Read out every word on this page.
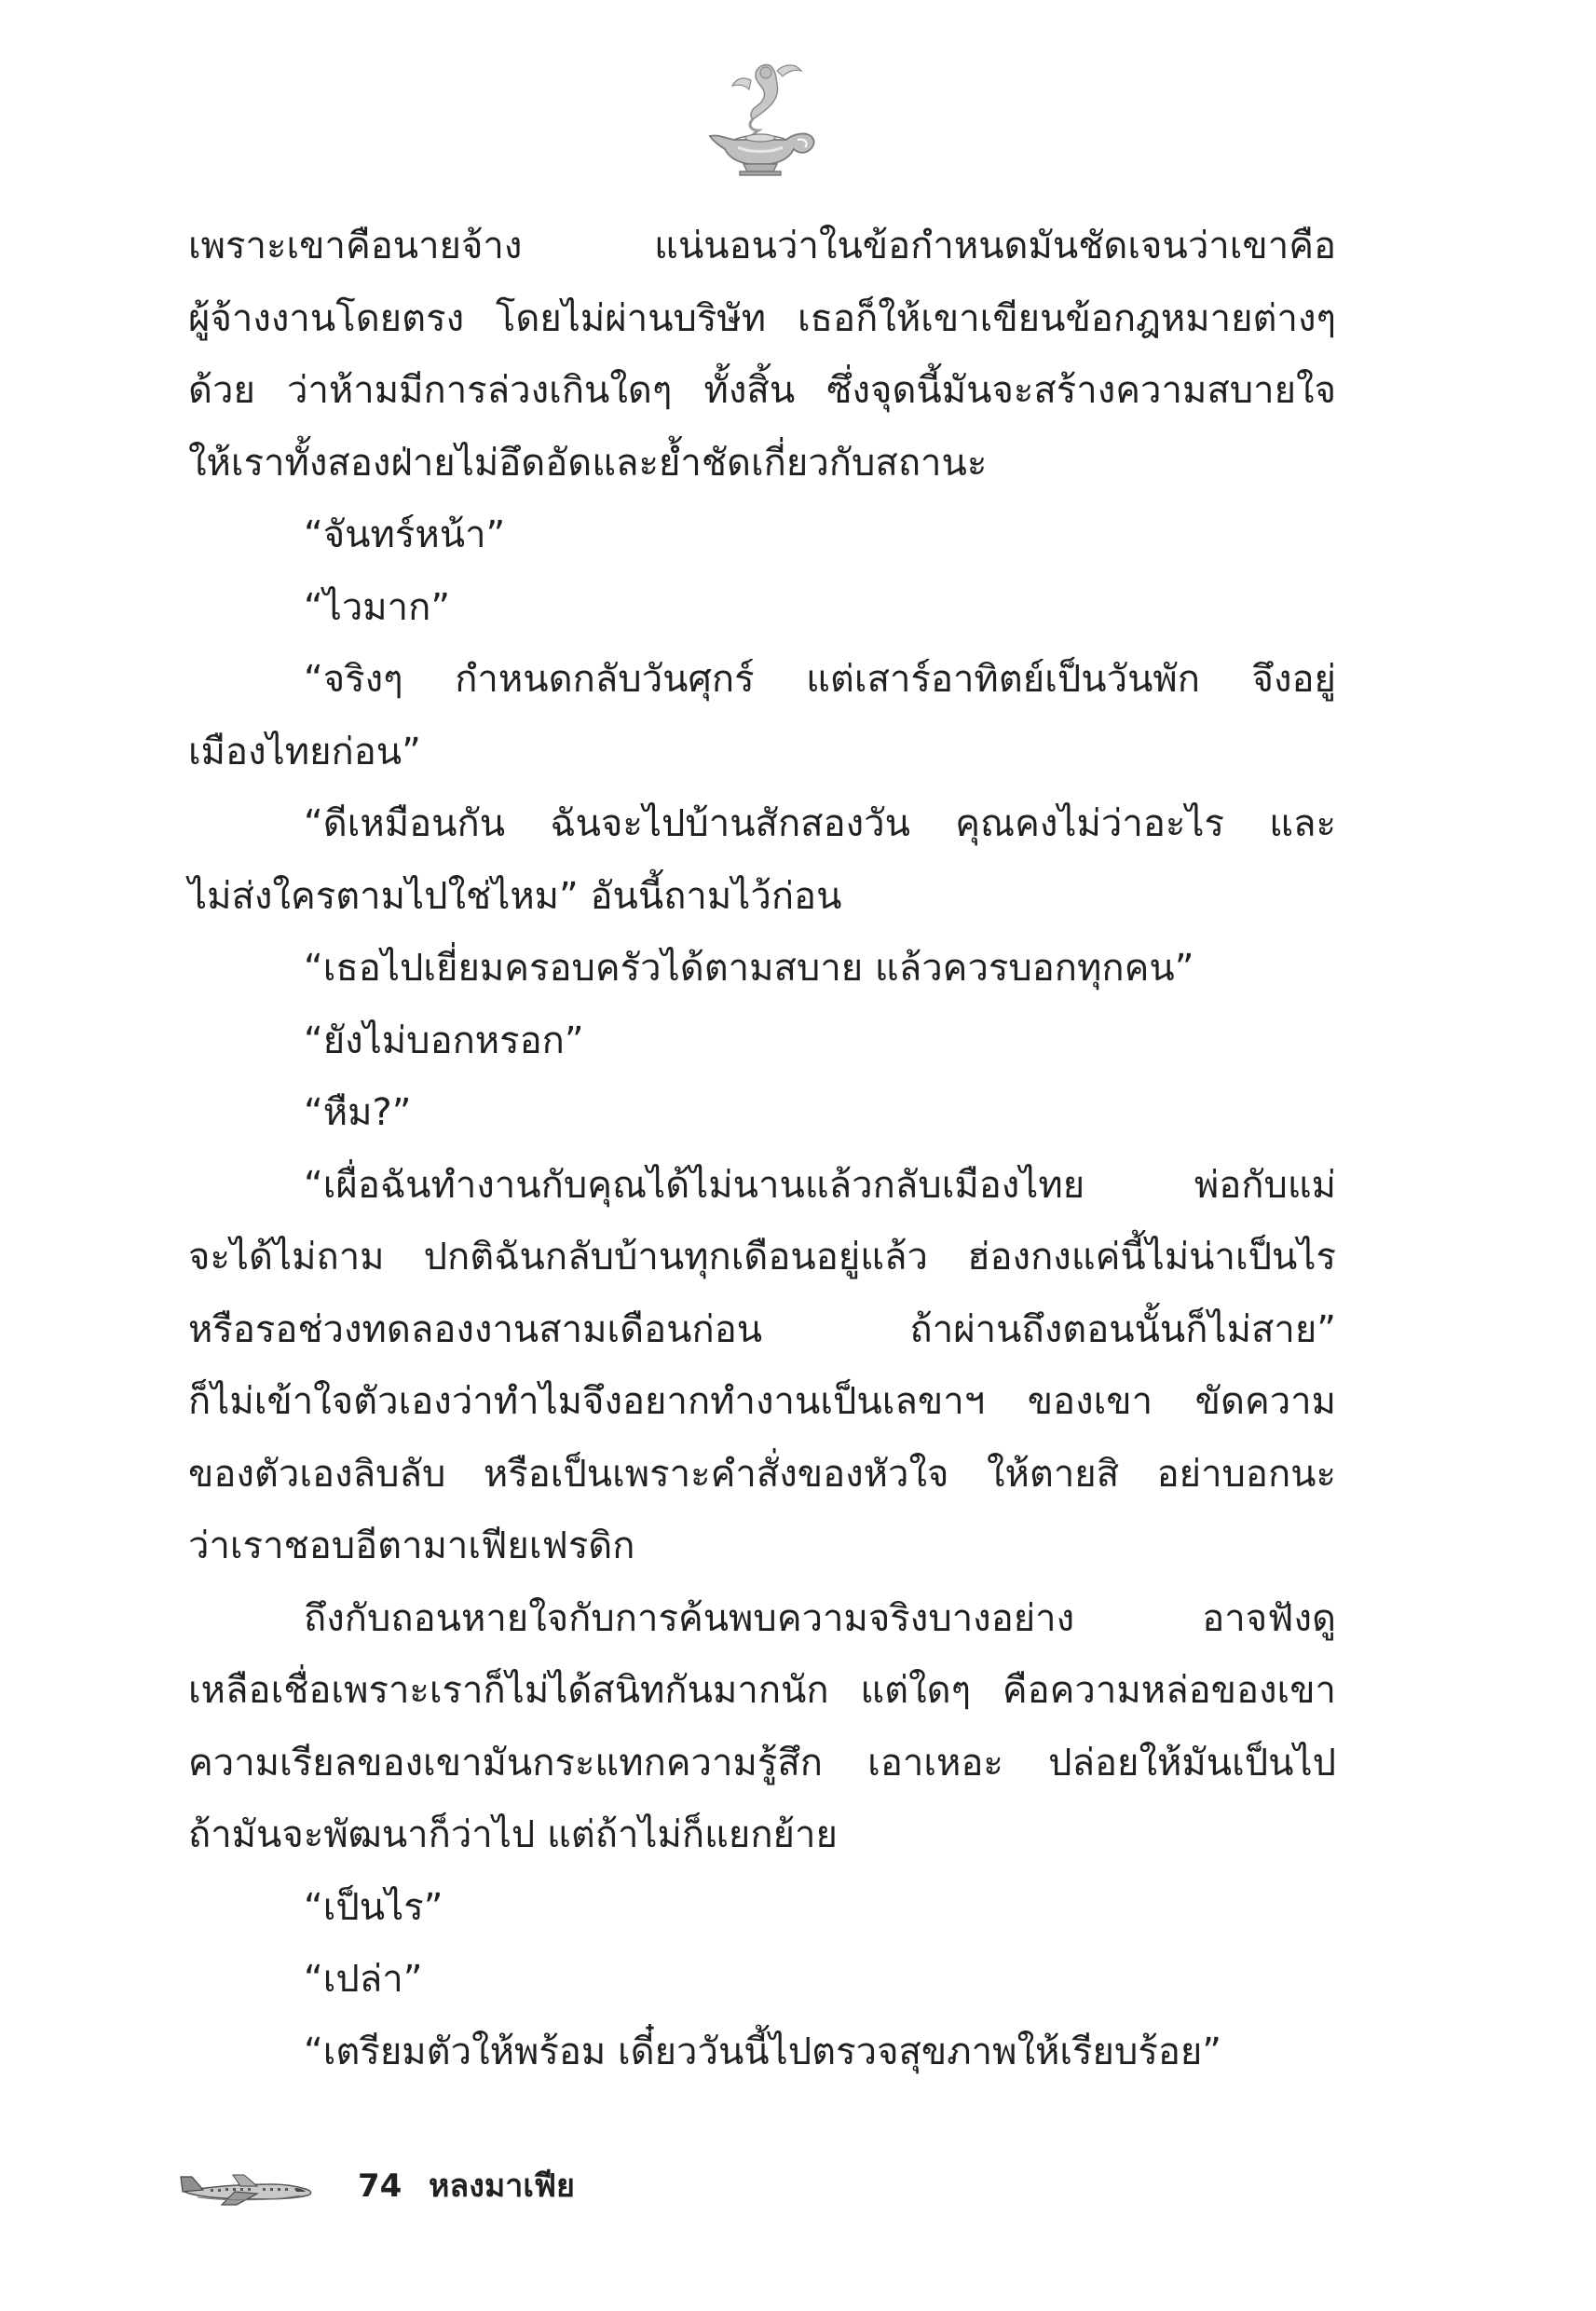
เพราะเขาคือนายจ้าง แน่นอนว่าในข้อกำหนดมันชัดเจนว่าเขาคือ
ผู้จ้างงานโดยตรง โดยไม่ผ่านบริษัท เธอก็ให้เขาเขียนข้อกฎหมายต่างๆ
ด้วย ว่าห้ามมีการล่วงเกินใดๆ ทั้งสิ้น ซึ่งจุดนี้มันจะสร้างความสบายใจ
ให้เราทั้งสองฝ่ายไม่อึดอัดและย้ำชัดเกี่ยวกับสถานะ
“จันทร์หน้า”
“ไวมาก”
“จริงๆ กำหนดกลับวันศุกร์ แต่เสาร์อาทิตย์เป็นวันพัก จึงอยู่
เมืองไทยก่อน”
“ดีเหมือนกัน ฉันจะไปบ้านสักสองวัน คุณคงไม่ว่าอะไร และ
ไม่ส่งใครตามไปใช่ไหม” อันนี้ถามไว้ก่อน
“เธอไปเยี่ยมครอบครัวได้ตามสบาย แล้วควรบอกทุกคน”
“ยังไม่บอกหรอก”
“หืม?”
“เผื่อฉันทำงานกับคุณได้ไม่นานแล้วกลับเมืองไทย พ่อกับแม่
จะได้ไม่ถาม ปกติฉันกลับบ้านทุกเดือนอยู่แล้ว ฮ่องกงแค่นี้ไม่น่าเป็นไร
หรือรอช่วงทดลองงานสามเดือนก่อน ถ้าผ่านถึงตอนนั้นก็ไม่สาย”
ก็ไม่เข้าใจตัวเองว่าทำไมจึงอยากทำงานเป็นเลขาฯ ของเขา ขัดความ
ของตัวเองลิบลับ หรือเป็นเพราะคำสั่งของหัวใจ ให้ตายสิ อย่าบอกนะ
ว่าเราชอบอีตามาเฟียเฟรดิก
ถึงกับถอนหายใจกับการค้นพบความจริงบางอย่าง อาจฟังดู
เหลือเชื่อเพราะเราก็ไม่ได้สนิทกันมากนัก แต่ใดๆ คือความหล่อของเขา
ความเรียลของเขามันกระแทกความรู้สึก เอาเหอะ ปล่อยให้มันเป็นไป
ถ้ามันจะพัฒนาก็ว่าไป แต่ถ้าไม่ก็แยกย้าย
“เป็นไร”
“เปล่า”
“เตรียมตัวให้พร้อม เดี๋ยววันนี้ไปตรวจสุขภาพให้เรียบร้อย”
74 หลงมาเฟีย
